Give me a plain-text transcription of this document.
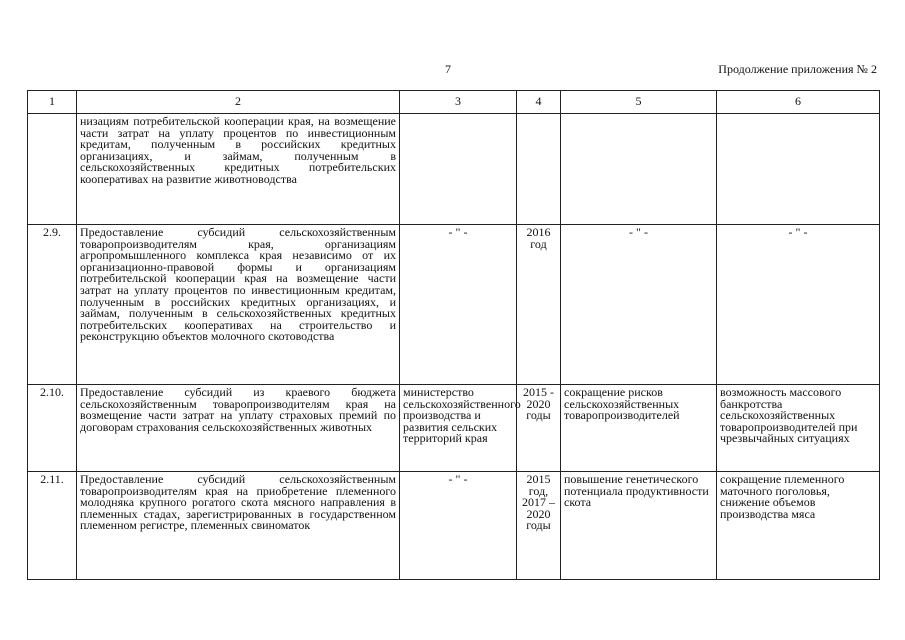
7	Продолжение приложения № 2
1	2	3	4	5	6
	низациям потребительской кооперации края, на возмещение части затрат на уплату процентов по инвестиционным кредитам, полученным в российских кредитных организациях, и займам, полученным в сельскохозяйственных кредитных потребительских кооперативах на развитие животноводства				
2.9.	Предоставление субсидий сельскохозяйственным товаропроизводителям края, организациям агропромышленного комплекса края независимо от их организационно-правовой формы и организациям потребительской кооперации края на возмещение части затрат на уплату процентов по инвестиционным кредитам, полученным в российских кредитных организациях, и займам, полученным в сельскохозяйственных кредитных потребительских кооперативах на строительство и реконструкцию объектов молочного скотоводства	- " -	2016 год	- " -	- " -
2.10.	Предоставление субсидий из краевого бюджета сельскохозяйственным товаропроизводителям края на возмещение части затрат на уплату страховых премий по договорам страхования сельскохозяйственных животных	министерство сельскохозяйственного производства и развития сельских территорий края	2015 - 2020 годы	сокращение рисков сельскохозяйственных товаропроизводителей	возможность массового банкротства сельскохозяйственных товаропроизводителей при чрезвычайных ситуациях
2.11.	Предоставление субсидий сельскохозяйственным товаропроизводителям края на приобретение племенного молодняка крупного рогатого скота мясного направления в племенных стадах, зарегистрированных в государственном племенном регистре, племенных свиноматок	- " -	2015 год, 2017 – 2020 годы	повышение генетического потенциала продуктивности скота	сокращение племенного маточного поголовья, снижение объемов производства мяса
